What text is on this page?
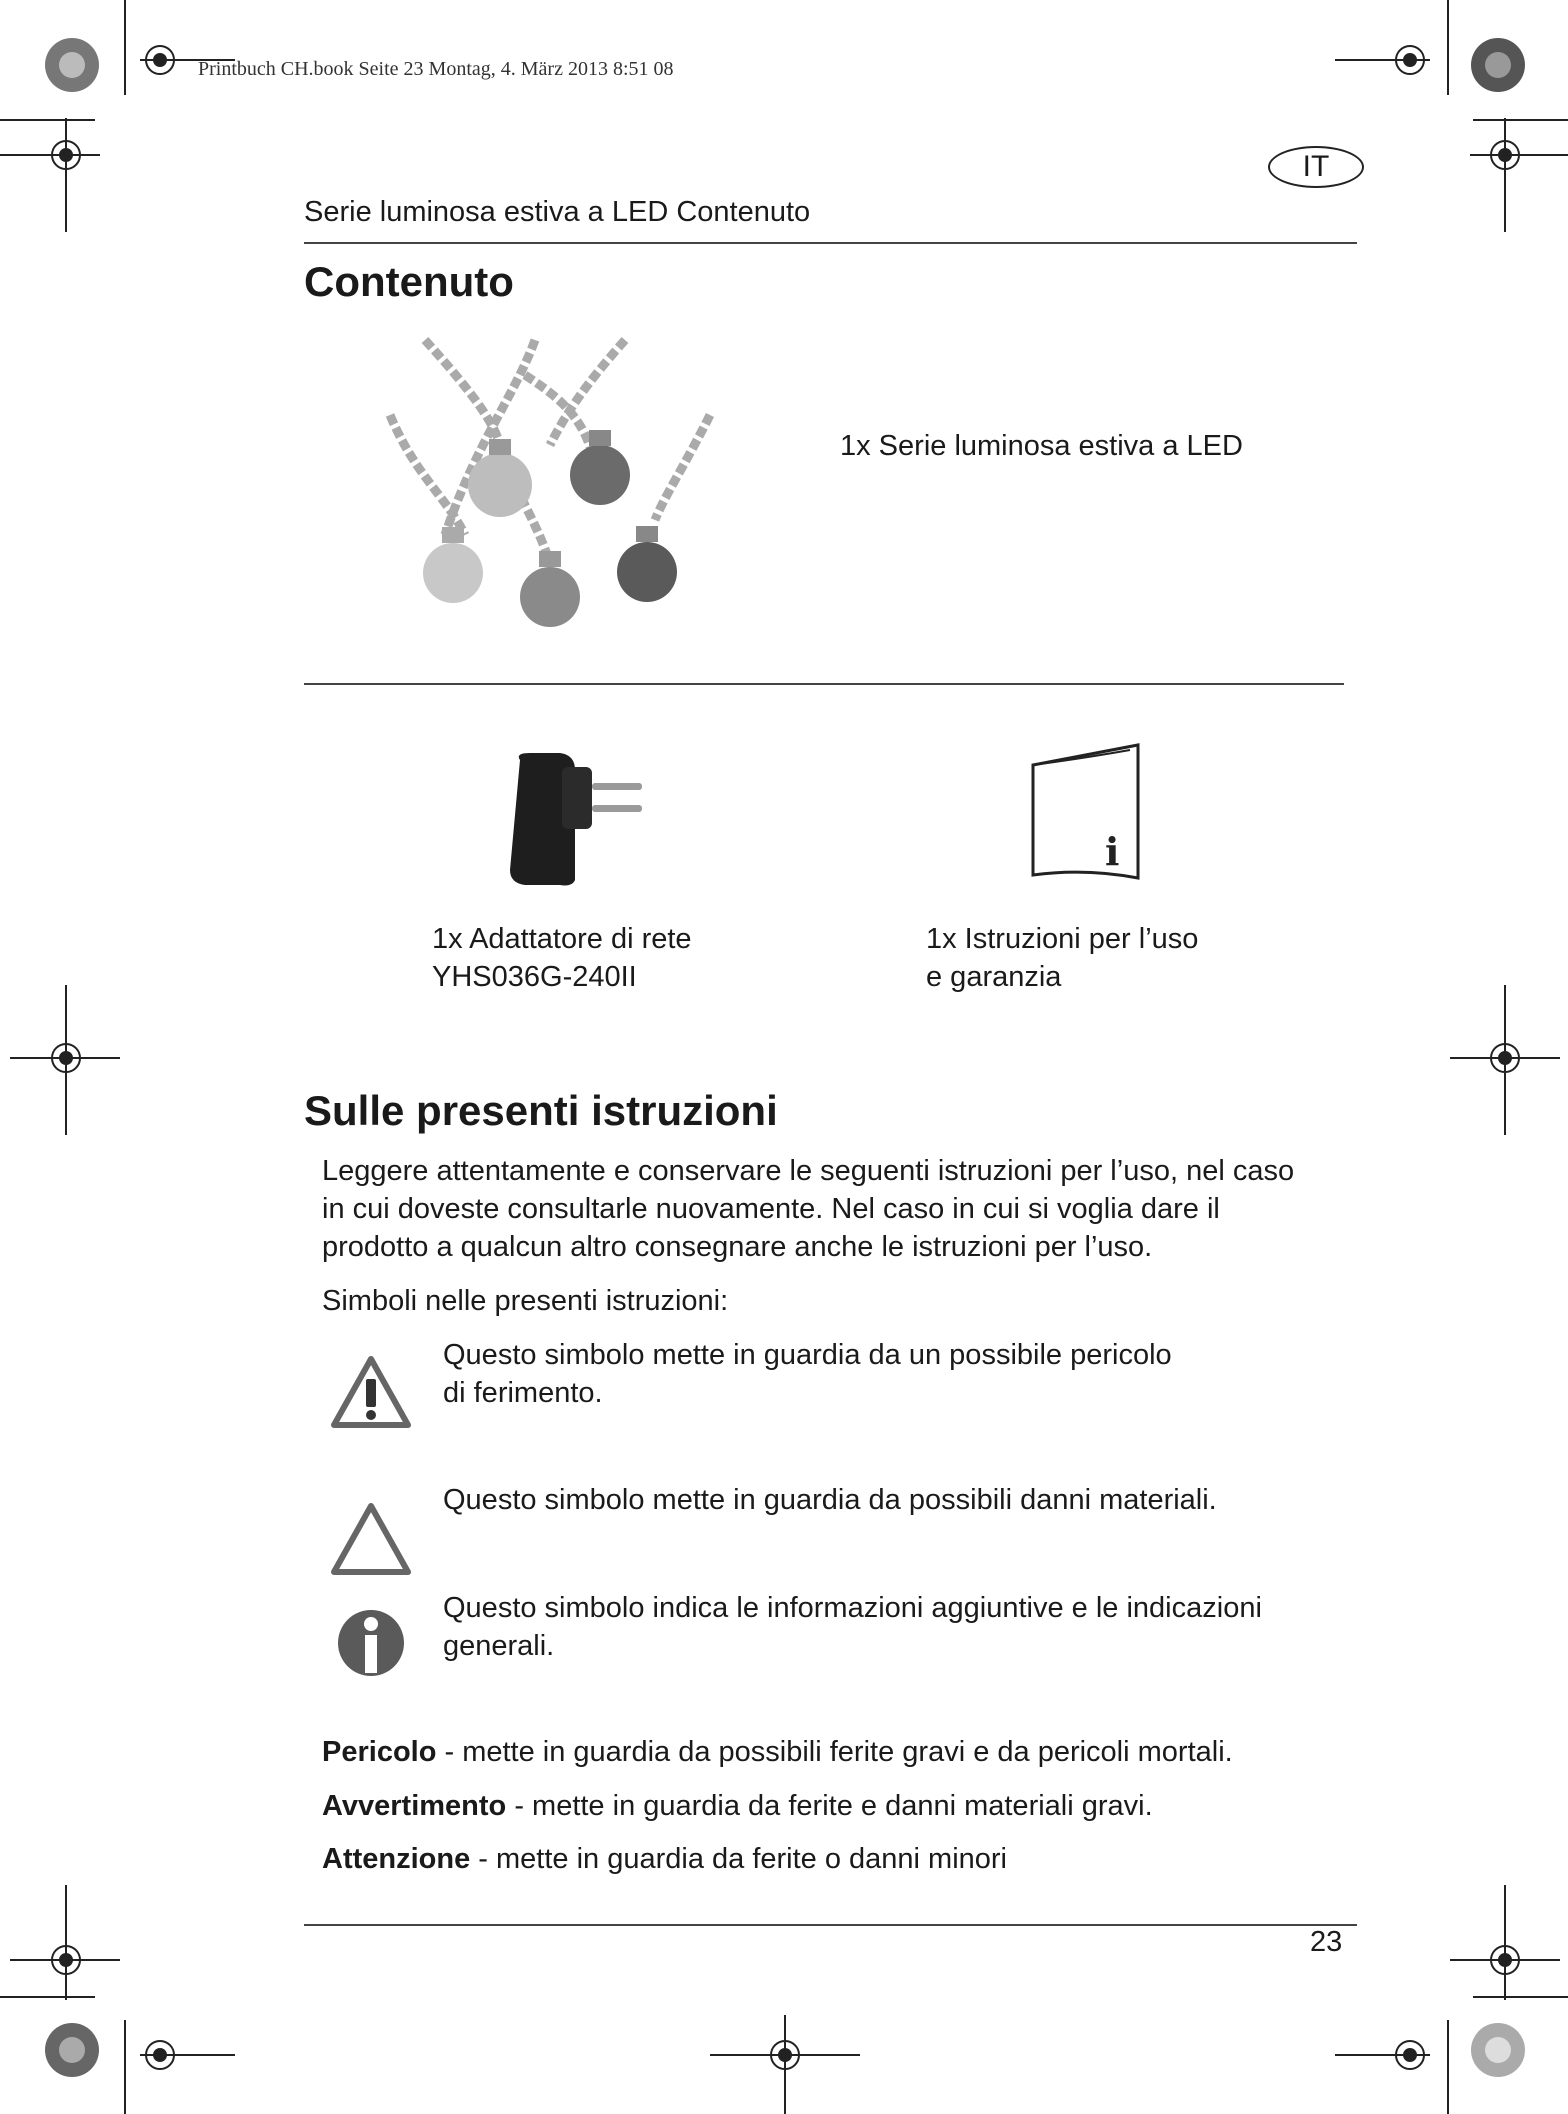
Printbuch CH.book Seite 23 Montag, 4. März 2013 8:51 08
IT
Serie luminosa estiva a LED Contenuto
Contenuto
1x Serie luminosa estiva a LED
i
1x Adattatore di rete
YHS036G-240II
1x Istruzioni per l’uso
e garanzia
Sulle presenti istruzioni
Leggere attentamente e conservare le seguenti istruzioni per l’uso, nel caso
in cui doveste consultarle nuovamente. Nel caso in cui si voglia dare il
prodotto a qualcun altro consegnare anche le istruzioni per l’uso.
Simboli nelle presenti istruzioni:
Questo simbolo mette in guardia da un possibile pericolo
di ferimento.
Questo simbolo mette in guardia da possibili danni materiali.
Questo simbolo indica le informazioni aggiuntive e le indicazioni
generali.
Pericolo - mette in guardia da possibili ferite gravi e da pericoli mortali.
Avvertimento - mette in guardia da ferite e danni materiali gravi.
Attenzione - mette in guardia da ferite o danni minori
23
